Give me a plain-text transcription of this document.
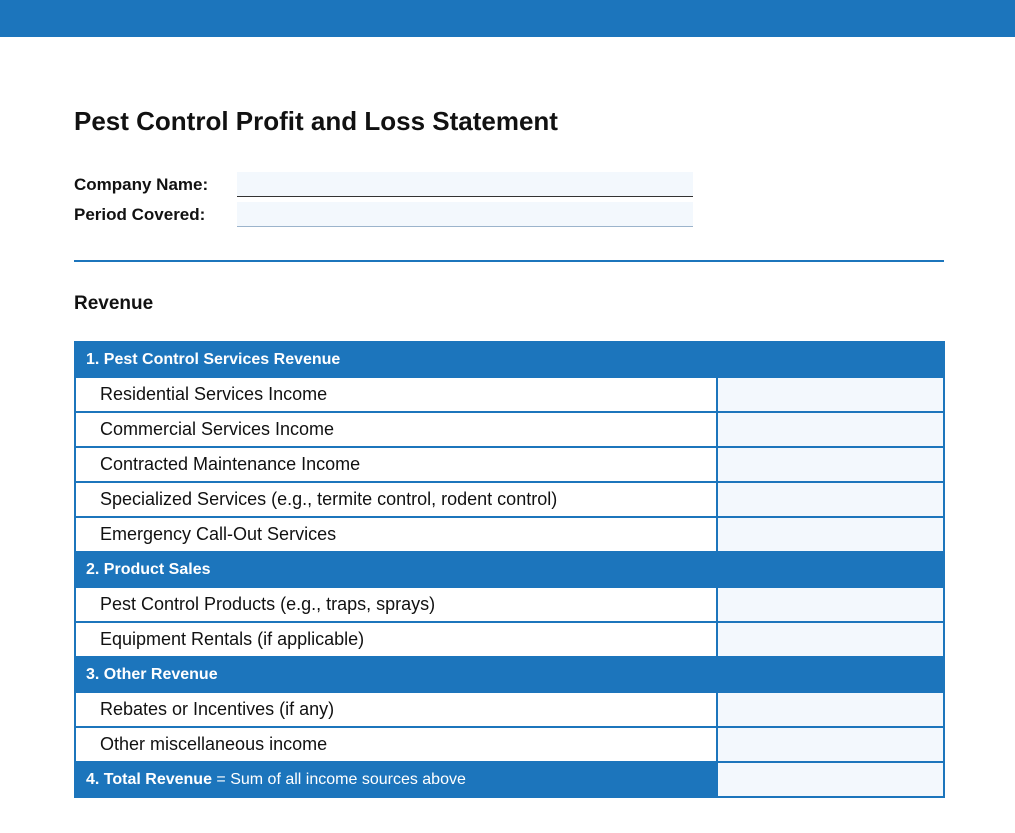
Pest Control Profit and Loss Statement
Company Name:
Period Covered:
Revenue
1. Pest Control Services Revenue	
Residential Services Income	
Commercial Services Income	
Contracted Maintenance Income	
Specialized Services (e.g., termite control, rodent control)	
Emergency Call-Out Services	
2. Product Sales	
Pest Control Products (e.g., traps, sprays)	
Equipment Rentals (if applicable)	
3. Other Revenue	
Rebates or Incentives (if any)	
Other miscellaneous income	
4. Total Revenue = Sum of all income sources above	
